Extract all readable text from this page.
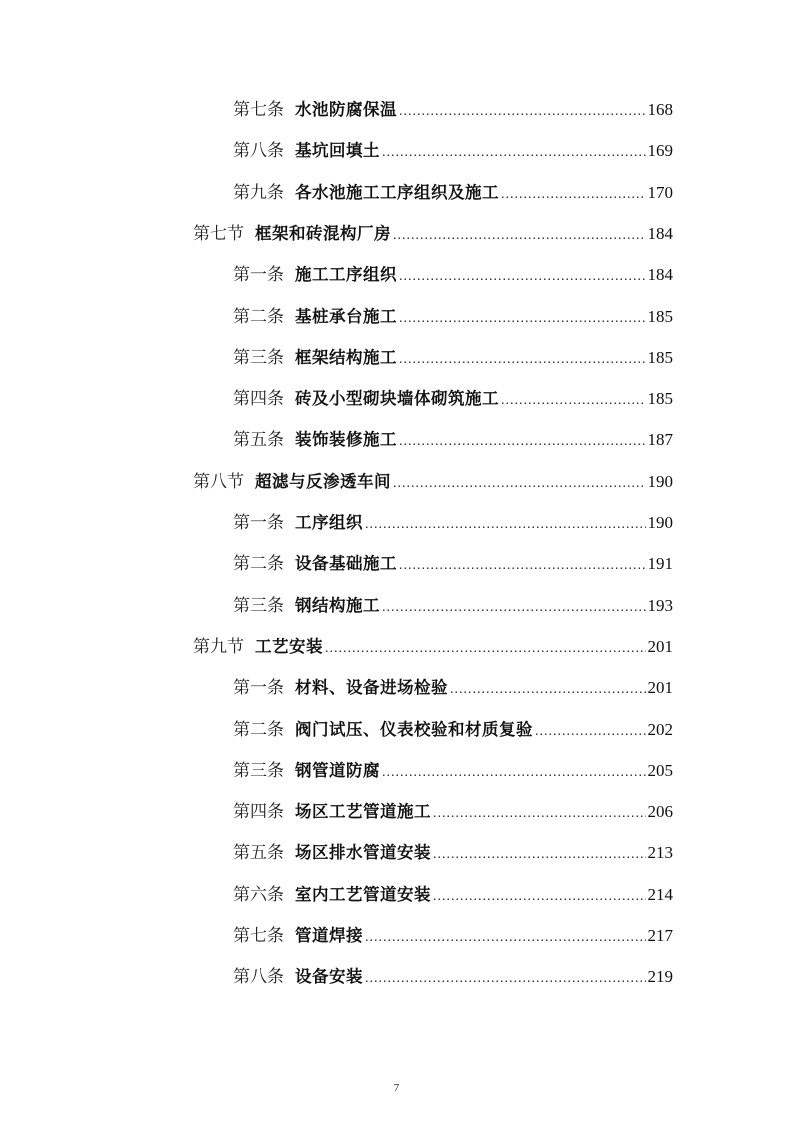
第七条 水池防腐保温 .....	168
第八条 基坑回填土 .....	169
第九条 各水池施工工序组织及施工 .....	170
第七节 框架和砖混构厂房 .....	184
第一条 施工工序组织 .....	184
第二条 基桩承台施工 .....	185
第三条 框架结构施工 .....	185
第四条 砖及小型砌块墙体砌筑施工 .....	185
第五条 装饰装修施工 .....	187
第八节 超滤与反渗透车间 .....	190
第一条 工序组织 .....	190
第二条 设备基础施工 .....	191
第三条 钢结构施工 .....	193
第九节 工艺安装 .....	201
第一条 材料、设备进场检验 .....	201
第二条 阀门试压、仪表校验和材质复验 .....	202
第三条 钢管道防腐 .....	205
第四条 场区工艺管道施工 .....	206
第五条 场区排水管道安装 .....	213
第六条 室内工艺管道安装 .....	214
第七条 管道焊接 .....	217
第八条 设备安装 .....	219
7
